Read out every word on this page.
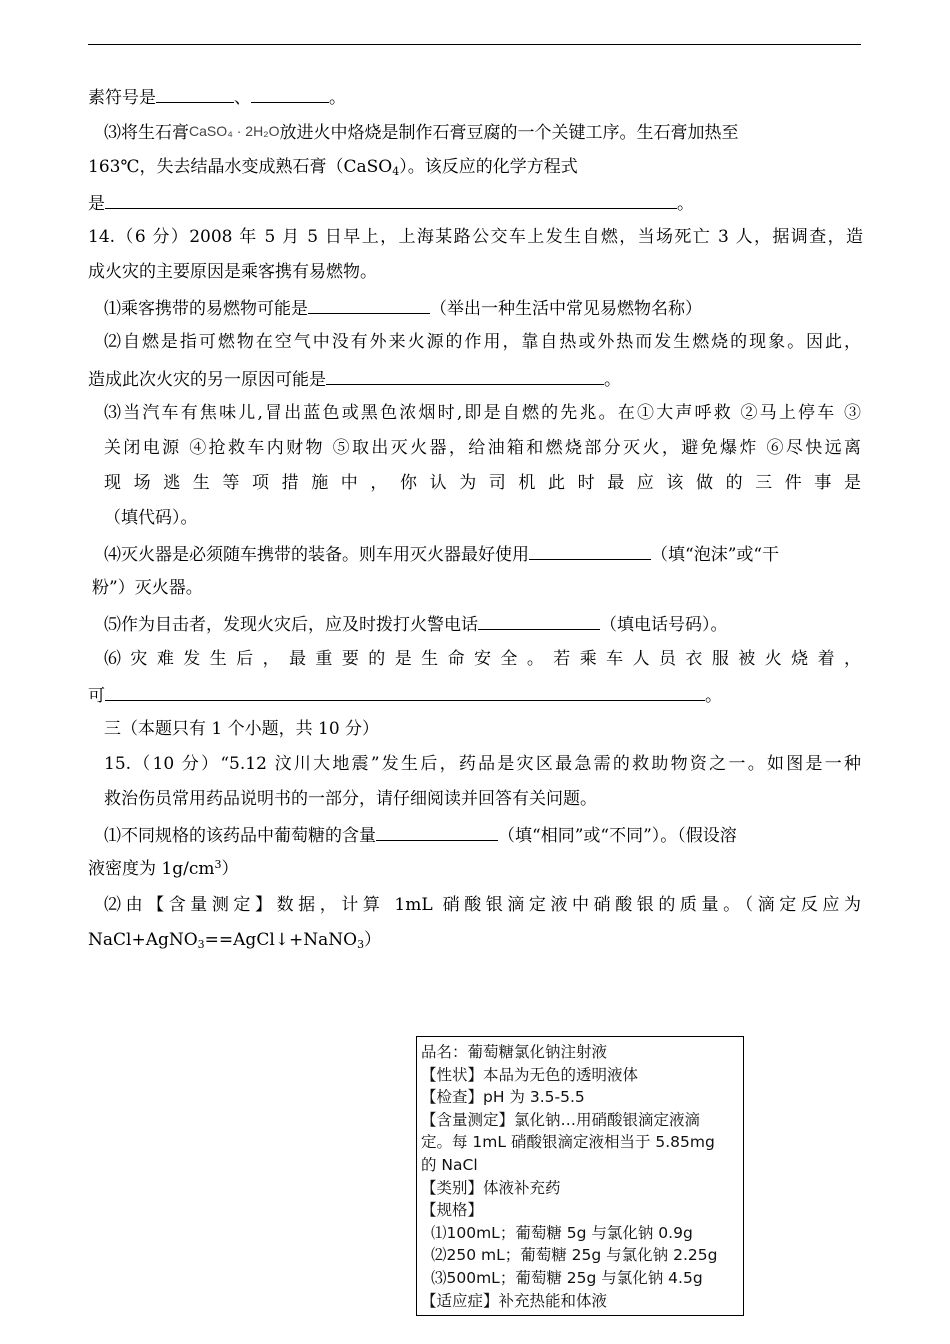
素符号是	、	。
⑶将生石膏CaSO₄ · 2H₂O放进火中烙烧是制作石膏豆腐的一个关键工序。生石膏加热至
163℃，失去结晶水变成熟石膏（CaSO$_4$）。该反应的化学方程式
是	。
14.（6 分）2008 年 5 月 5 日早上，上海某路公交车上发生自燃，当场死亡 3 人，据调查，造
成火灾的主要原因是乘客携有易燃物。
⑴乘客携带的易燃物可能是	（举出一种生活中常见易燃物名称）
⑵自燃是指可燃物在空气中没有外来火源的作用，靠自热或外热而发生燃烧的现象。因此，
造成此次火灾的另一原因可能是	。
⑶当汽车有焦味儿,冒出蓝色或黑色浓烟时,即是自燃的先兆。在①大声呼救 ②马上停车 ③
关闭电源 ④抢救车内财物 ⑤取出灭火器，给油箱和燃烧部分灭火，避免爆炸 ⑥尽快远离
现 场 逃 生 等 项 措 施 中 ， 你 认 为 司 机 此 时 最 应 该 做 的 三 件 事 是
（填代码）。
⑷灭火器是必须随车携带的装备。则车用灭火器最好使用	（填“泡沫”或“干
粉”）灭火器。
⑸作为目击者，发现火灾后，应及时拨打火警电话	（填电话号码）。
⑹ 灾 难 发 生 后 ， 最 重 要 的 是 生 命 安 全 。 若 乘 车 人 员 衣 服 被 火 烧 着 ，
可	。
三（本题只有 1 个小题，共 10 分）
15.（10 分）“5.12 汶川大地震”发生后，药品是灾区最急需的救助物资之一。如图是一种
救治伤员常用药品说明书的一部分，请仔细阅读并回答有关问题。
⑴不同规格的该药品中葡萄糖的含量	（填“相同”或“不同”）。（假设溶
液密度为 $1g/cm^3$）
⑵由【含量测定】数据，计算 1mL 硝酸银滴定液中硝酸银的质量。（滴定反应为
NaCl+AgNO$_3$==AgCl↓+NaNO$_3$）
品名：葡萄糖氯化钠注射液
【性状】本品为无色的透明液体
【检查】pH 为 3.5-5.5
【含量测定】氯化钠…用硝酸银滴定液滴
定。每 1mL 硝酸银滴定液相当于 5.85mg
的 NaCl
【类别】体液补充药
【规格】
⑴100mL；葡萄糖 5g 与氯化钠 0.9g
⑵250 mL；葡萄糖 25g 与氯化钠 2.25g
⑶500mL；葡萄糖 25g 与氯化钠 4.5g
【适应症】补充热能和体液
